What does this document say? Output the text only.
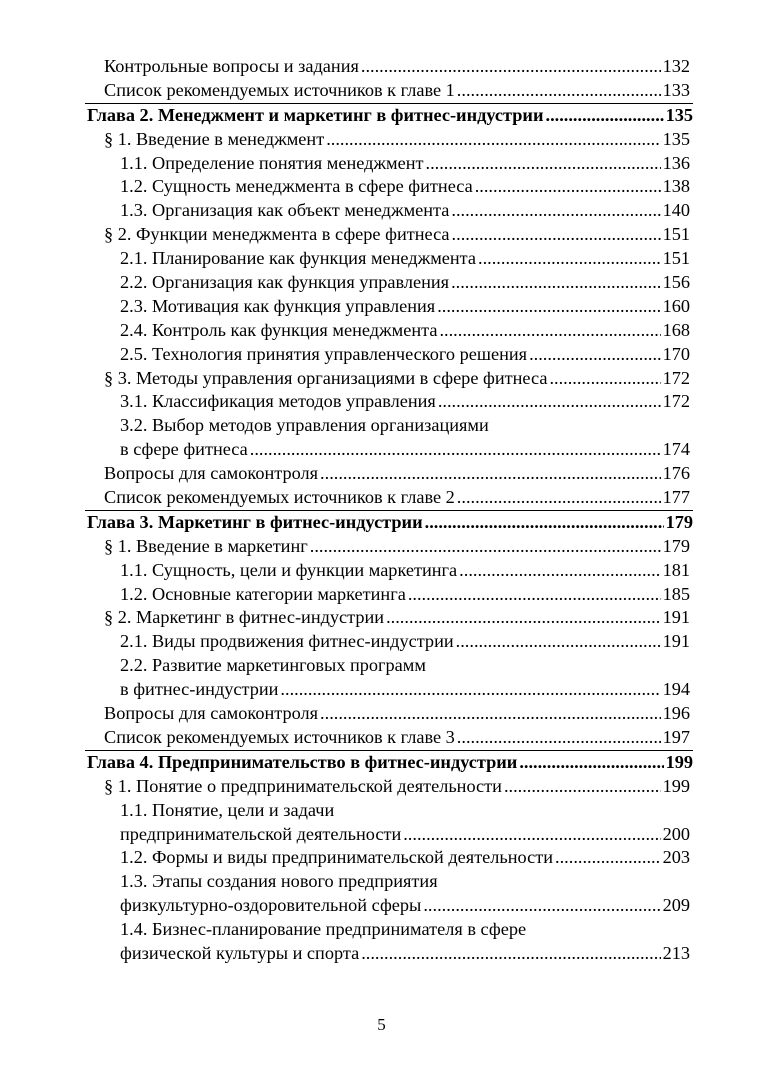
Контрольные вопросы и задания .....	132
Список рекомендуемых источников к главе 1 .....	133
Глава 2. Менеджмент и маркетинг в фитнес-индустрии .....	135
§ 1. Введение в менеджмент .....	135
1.1. Определение понятия менеджмент .....	136
1.2. Сущность менеджмента в сфере фитнеса .....	138
1.3. Организация как объект менеджмента .....	140
§ 2. Функции менеджмента в сфере фитнеса .....	151
2.1. Планирование как функция менеджмента .....	151
2.2. Организация как функция управления .....	156
2.3. Мотивация как функция управления .....	160
2.4. Контроль как функция менеджмента .....	168
2.5. Технология принятия управленческого решения .....	170
§ 3. Методы управления организациями в сфере фитнеса .....	172
3.1. Классификация методов управления .....	172
3.2. Выбор методов управления организациями
в сфере фитнеса .....	174
Вопросы для самоконтроля .....	176
Список рекомендуемых источников к главе 2 .....	177
Глава 3. Маркетинг в фитнес-индустрии .....	179
§ 1. Введение в маркетинг .....	179
1.1. Сущность, цели и функции маркетинга .....	181
1.2. Основные категории маркетинга .....	185
§ 2. Маркетинг в фитнес-индустрии .....	191
2.1. Виды продвижения фитнес-индустрии .....	191
2.2. Развитие маркетинговых программ
в фитнес-индустрии .....	194
Вопросы для самоконтроля .....	196
Список рекомендуемых источников к главе 3 .....	197
Глава 4. Предпринимательство в фитнес-индустрии .....	199
§ 1. Понятие о предпринимательской деятельности .....	199
1.1. Понятие, цели и задачи
предпринимательской деятельности .....	200
1.2. Формы и виды предпринимательской деятельности .....	203
1.3. Этапы создания нового предприятия
физкультурно-оздоровительной сферы .....	209
1.4. Бизнес-планирование предпринимателя в сфере
физической культуры и спорта .....	213
5
